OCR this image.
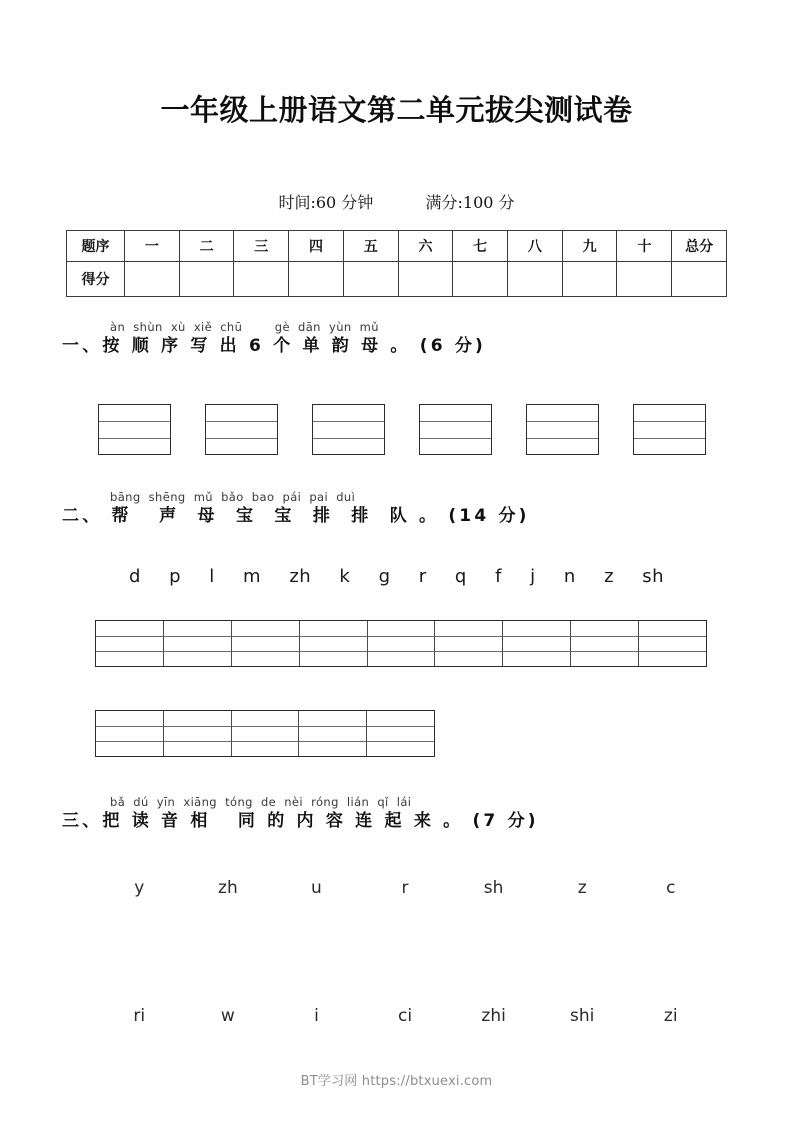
一年级上册语文第二单元拔尖测试卷
时间:60 分钟	满分:100 分
题序	一	二	三	四	五	六	七	八	九	十	总分
得分											
àn  shùn  xù  xiě  chū        gè  dān  yùn  mǔ
一、按 顺 序 写 出 6 个 单 韵 母 。 (6 分)
bāng  shēng  mǔ  bǎo  bao  pái  pai  duì
二、 帮   声  母  宝  宝  排  排  队 。 (14 分)
d p l m zh k g r q f j n z sh
bǎ  dú  yīn  xiāng  tóng  de  nèi  róng  lián  qǐ  lái
三、把 读 音 相   同 的 内 容 连 起 来 。 (7 分)
y	zh	u	r	sh	z	c
ri	w	i	ci	zhi	shi	zi
BT学习网 https://btxuexi.com
